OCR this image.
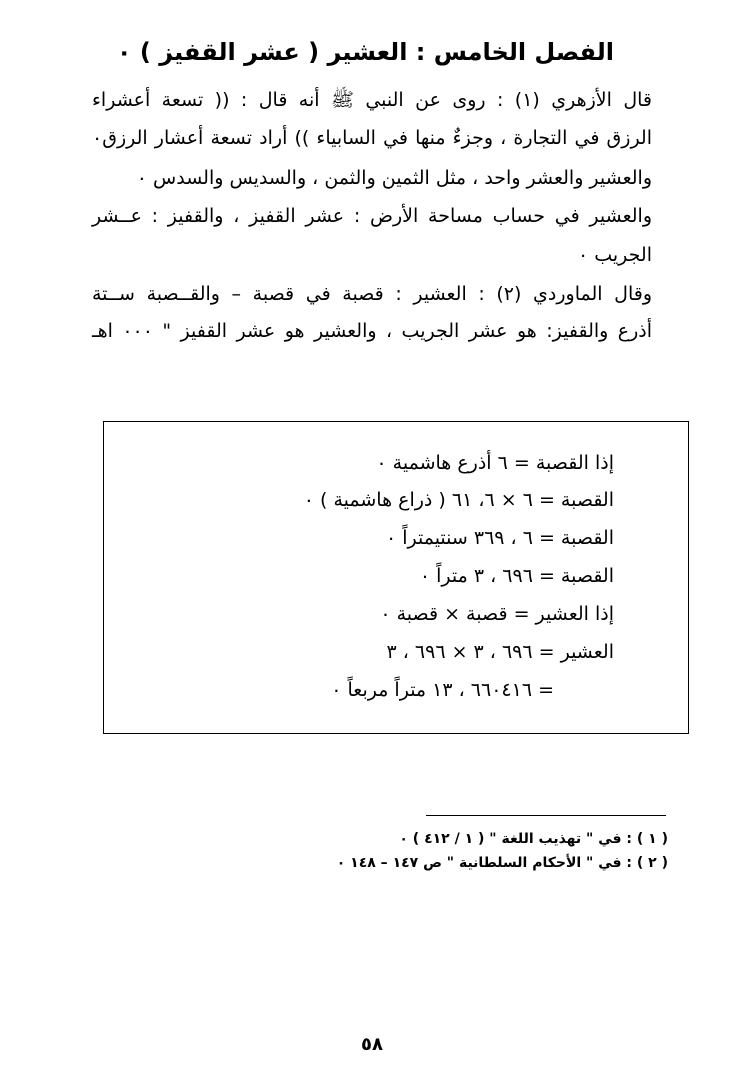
الفصل الخامس : العشير ( عشر القفيز ) ٠
قال الأزهري (١) : روى عن النبي ﷺ أنه قال : (( تسعة أعشراء
الرزق في التجارة ، وجزءٌ منها في السابياء )) أراد تسعة أعشار الرزق٠
والعشير والعشر واحد ، مثل الثمين والثمن ، والسديس والسدس ٠
والعشير في حساب مساحة الأرض : عشر القفيز ، والقفيز : عــشر
الجريب ٠
وقال الماوردي (٢) : العشير : قصبة في قصبة – والقــصبة ســتة
أذرع والقفيز: هو عشر الجريب ، والعشير هو عشر القفيز " ٠٠٠ اهـ
إذا القصبة = ٦ أذرع هاشمية ٠
القصبة = ٦ × ٦، ٦١ ( ذراع هاشمية ) ٠
القصبة = ٦ ، ٣٦٩ سنتيمتراً ٠
القصبة = ٦٩٦ ، ٣ متراً ٠
إذا العشير = قصبة × قصبة ٠
العشير = ٦٩٦ ، ٣ × ٦٩٦ ، ٣
= ٦٦٠٤١٦ ، ١٣ متراً مربعاً ٠
( ١ ) : في " تهذيب اللغة " ( ١ / ٤١٢ ) ٠
( ٢ ) : في " الأحكام السلطانية " ص ١٤٧ – ١٤٨ ٠
٥٨
